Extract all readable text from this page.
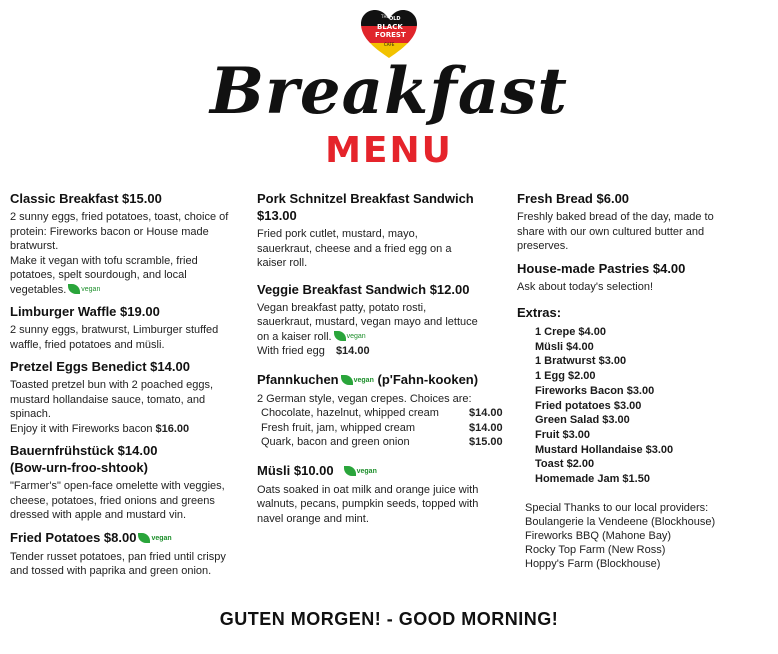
THE OLD
BLACK
FOREST
CAFE
Breakfast
MENU
Classic Breakfast $15.00

2 sunny eggs, fried potatoes, toast, choice of
protein: Fireworks bacon or House made
bratwurst.
Make it vegan with tofu scramble, fried
potatoes, spelt sourdough, and local
vegetables. vegan

Limburger Waffle $19.00

2 sunny eggs, bratwurst, Limburger stuffed
waffle, fried potatoes and müsli.

Pretzel Eggs Benedict $14.00

Toasted pretzel bun with 2 poached eggs,
mustard hollandaise sauce, tomato, and
spinach.
Enjoy it with Fireworks bacon $16.00

Bauernfrühstück $14.00
(Bow-urn-froo-shtook)

"Farmer's" open-face omelette with veggies,
cheese, potatoes, fried onions and greens
dressed with apple and mustard vin.

Fried Potatoes $8.00 vegan

Tender russet potatoes, pan fried until crispy
and tossed with paprika and green onion.

Pork Schnitzel Breakfast Sandwich
$13.00

Fried pork cutlet, mustard, mayo,
sauerkraut, cheese and a fried egg on a
kaiser roll.

Veggie Breakfast Sandwich $12.00

Vegan breakfast patty, potato rosti,
sauerkraut, mustard, vegan mayo and lettuce
on a kaiser roll. vegan
With fried egg $14.00

Pfannkuchen vegan (p'Fahn-kooken)

2 German style, vegan crepes. Choices are:

Chocolate, hazelnut, whipped cream	$14.00
Fresh fruit, jam, whipped cream	$14.00
Quark, bacon and green onion	$15.00
Müsli $10.00	vegan

Oats soaked in oat milk and orange juice with
walnuts, pecans, pumpkin seeds, topped with
navel orange and mint.

Fresh Bread $6.00

Freshly baked bread of the day, made to
share with our own cultured butter and
preserves.

House-made Pastries $4.00

Ask about today's selection!

Extras:
1 Crepe $4.00
Müsli $4.00
1 Bratwurst $3.00
1 Egg $2.00
Fireworks Bacon $3.00
Fried potatoes $3.00
Green Salad $3.00
Fruit $3.00
Mustard Hollandaise $3.00
Toast $2.00
Homemade Jam $1.50

Special Thanks to our local providers:

Boulangerie la Vendeene (Blockhouse)

Fireworks BBQ (Mahone Bay)

Rocky Top Farm (New Ross)

Hoppy's Farm (Blockhouse)

GUTEN MORGEN! - GOOD MORNING!
